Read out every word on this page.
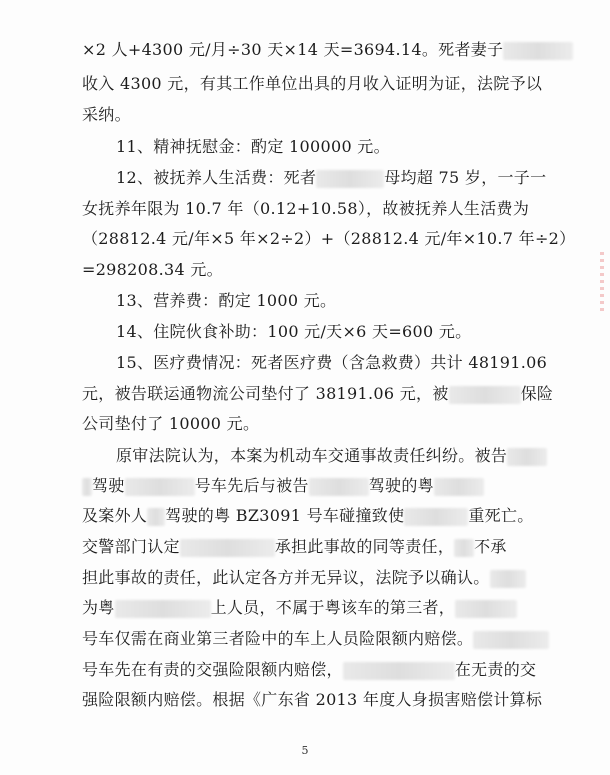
×2 人+4300 元/月÷30 天×14 天=3694.14。死者妻子
收入 4300 元，有其工作单位出具的月收入证明为证，法院予以
采纳。
11、精神抚慰金：酌定 100000 元。
12、被抚养人生活费：死者	母均超 75 岁，一子一
女抚养年限为 10.7 年（0.12+10.58），故被抚养人生活费为
（28812.4 元/年×5 年×2÷2）+（28812.4 元/年×10.7 年÷2）
=298208.34 元。
13、营养费：酌定 1000 元。
14、住院伙食补助：100 元/天×6 天=600 元。
15、医疗费情况：死者医疗费（含急救费）共计 48191.06
元，被告联运通物流公司垫付了 38191.06 元，被	保险
公司垫付了 10000 元。
原审法院认为，本案为机动车交通事故责任纠纷。被告
驾驶	号车先后与被告	驾驶的粤
及案外人 驾驶的粤 BZ3091 号车碰撞致使	重死亡。
交警部门认定	承担此事故的同等责任， 不承
担此事故的责任，此认定各方并无异议，法院予以确认。
为粤	上人员，不属于粤该车的第三者，
号车仅需在商业第三者险中的车上人员险限额内赔偿。
号车先在有责的交强险限额内赔偿，	在无责的交
强险限额内赔偿。根据《广东省 2013 年度人身损害赔偿计算标
5
